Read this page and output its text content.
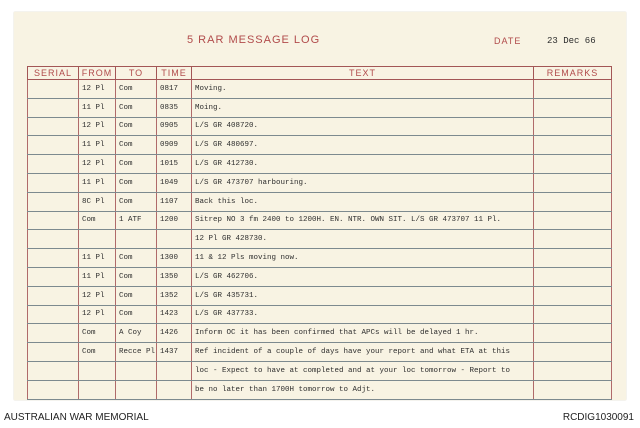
5 RAR MESSAGE LOG	DATE	23 Dec 66
SERIAL	FROM	TO	TIME	TEXT	REMARKS
	12 Pl	Com	0817	Moving.	
	11 Pl	Com	0835	Moing.	
	12 Pl	Com	0905	L/S GR 408720.	
	11 Pl	Com	0909	L/S GR 480697.	
	12 Pl	Com	1015	L/S GR 412730.	
	11 Pl	Com	1049	L/S GR 473707 harbouring.	
	8C Pl	Com	1107	Back this loc.	
	Com	1 ATF	1200	Sitrep NO 3 fm 2400 to 1200H. EN. NTR. OWN SIT. L/S GR 473707 11 Pl.	
				12 Pl GR 428730.	
	11 Pl	Com	1300	11 & 12 Pls moving now.	
	11 Pl	Com	1350	L/S GR 462706.	
	12 Pl	Com	1352	L/S GR 435731.	
	12 Pl	Com	1423	L/S GR 437733.	
	Com	A Coy	1426	Inform OC it has been confirmed that APCs will be delayed 1 hr.	
	Com	Recce Pl	1437	Ref incident of a couple of days have your report and what ETA at this	
				loc - Expect to have at completed and at your loc tomorrow - Report to	
				be no later than 1700H tomorrow to Adjt.	
AUSTRALIAN WAR MEMORIAL	RCDIG1030091
